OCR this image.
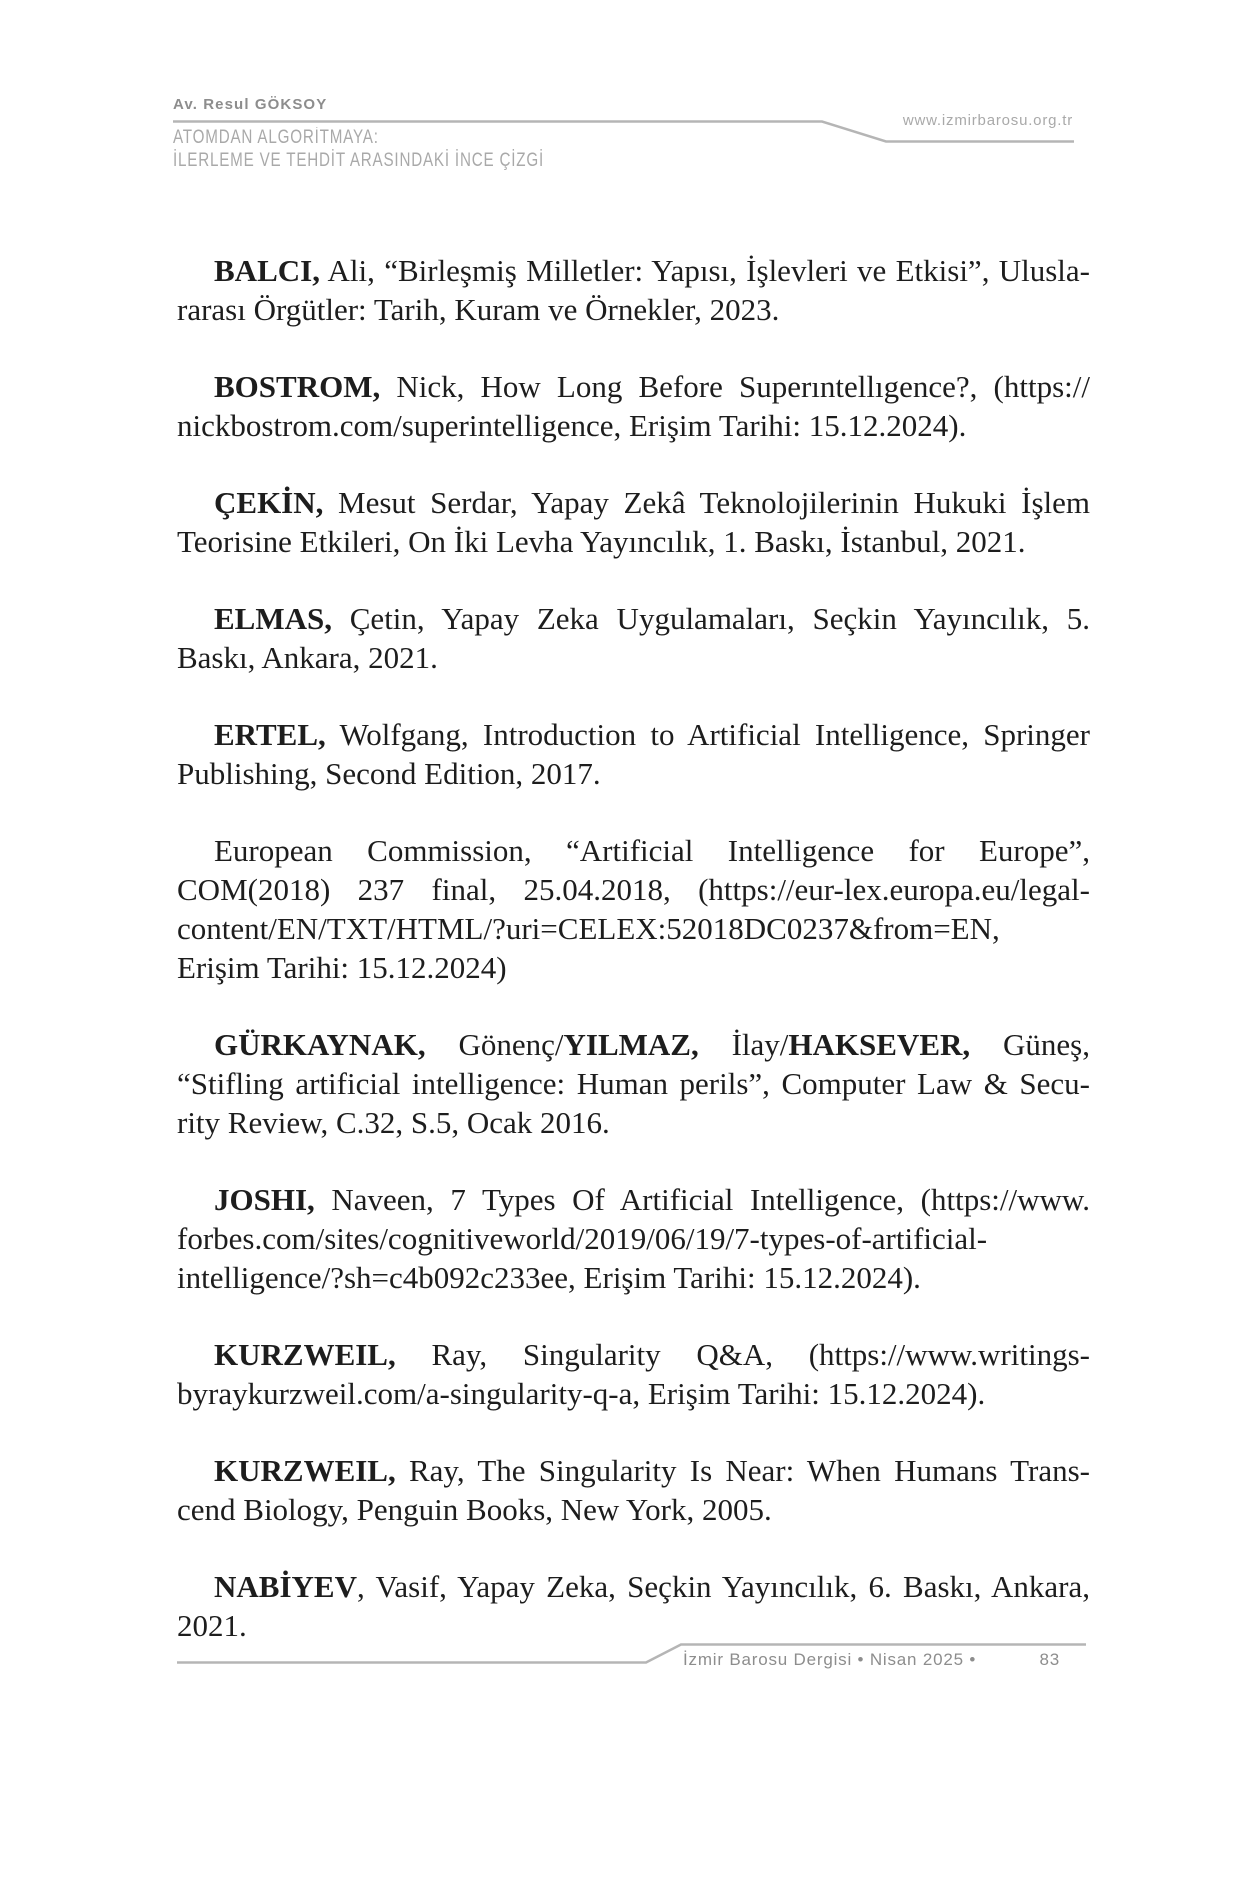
Av. Resul GÖKSOY
ATOMDAN ALGORİTMAYA:
İLERLEME VE TEHDİT ARASINDAKİ İNCE ÇİZGİ
www.izmirbarosu.org.tr
BALCI, Ali, “Birleşmiş Milletler: Yapısı, İşlevleri ve Etkisi”, Ulusla-
rarası Örgütler: Tarih, Kuram ve Örnekler, 2023.
BOSTROM, Nick, How Long Before Superıntellıgence?, (https://
nickbostrom.com/superintelligence, Erişim Tarihi: 15.12.2024).
ÇEKİN, Mesut Serdar, Yapay Zekâ Teknolojilerinin Hukuki İşlem
Teorisine Etkileri, On İki Levha Yayıncılık, 1. Baskı, İstanbul, 2021.
ELMAS, Çetin, Yapay Zeka Uygulamaları, Seçkin Yayıncılık, 5.
Baskı, Ankara, 2021.
ERTEL, Wolfgang, Introduction to Artificial Intelligence, Springer
Publishing, Second Edition, 2017.
European Commission, “Artificial Intelligence for Europe”,
COM(2018) 237 final, 25.04.2018, (https://eur-lex.europa.eu/legal-
content/EN/TXT/HTML/?uri=CELEX:52018DC0237&from=EN,
Erişim Tarihi: 15.12.2024)
GÜRKAYNAK, Gönenç/YILMAZ, İlay/HAKSEVER, Güneş,
“Stifling artificial intelligence: Human perils”, Computer Law & Secu-
rity Review, C.32, S.5, Ocak 2016.
JOSHI, Naveen, 7 Types Of Artificial Intelligence, (https://www.
forbes.com/sites/cognitiveworld/2019/06/19/7-types-of-artificial-
intelligence/?sh=c4b092c233ee, Erişim Tarihi: 15.12.2024).
KURZWEIL, Ray, Singularity Q&A, (https://www.writings-
byraykurzweil.com/a-singularity-q-a, Erişim Tarihi: 15.12.2024).
KURZWEIL, Ray, The Singularity Is Near: When Humans Trans-
cend Biology, Penguin Books, New York, 2005.
NABİYEV, Vasif, Yapay Zeka, Seçkin Yayıncılık, 6. Baskı, Ankara,
2021.
İzmir Barosu Dergisi • Nisan 2025 •	83
